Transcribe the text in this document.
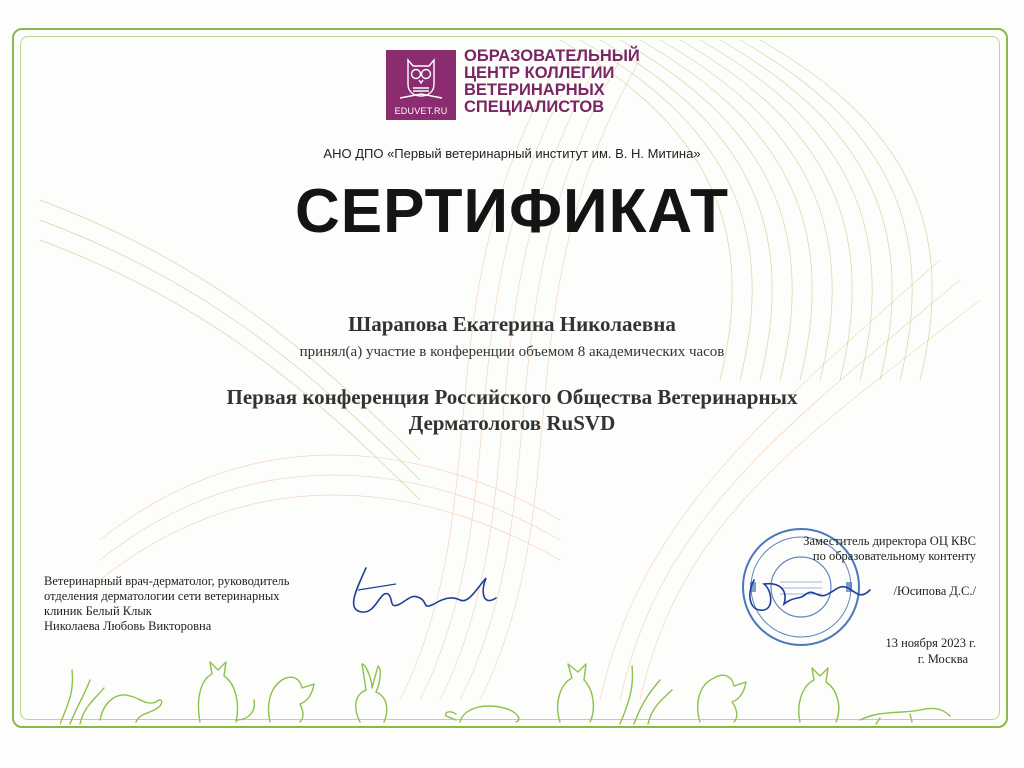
EDUVET.RU
ОБРАЗОВАТЕЛЬНЫЙ
ЦЕНТР КОЛЛЕГИИ
ВЕТЕРИНАРНЫХ
СПЕЦИАЛИСТОВ
АНО ДПО «Первый ветеринарный институт им. В. Н. Митина»
СЕРТИФИКАТ
Шарапова Екатерина Николаевна
принял(а) участие в конференции объемом 8 академических часов
Первая конференция Российского Общества Ветеринарных
Дерматологов RuSVD
Ветеринарный врач-дерматолог, руководитель
отделения дерматологии сети ветеринарных
клиник Белый Клык
Николаева Любовь Викторовна
Заместитель директора ОЦ КВС
по образовательному контенту
/Юсипова Д.С./
13 ноября 2023 г.
г. Москва
